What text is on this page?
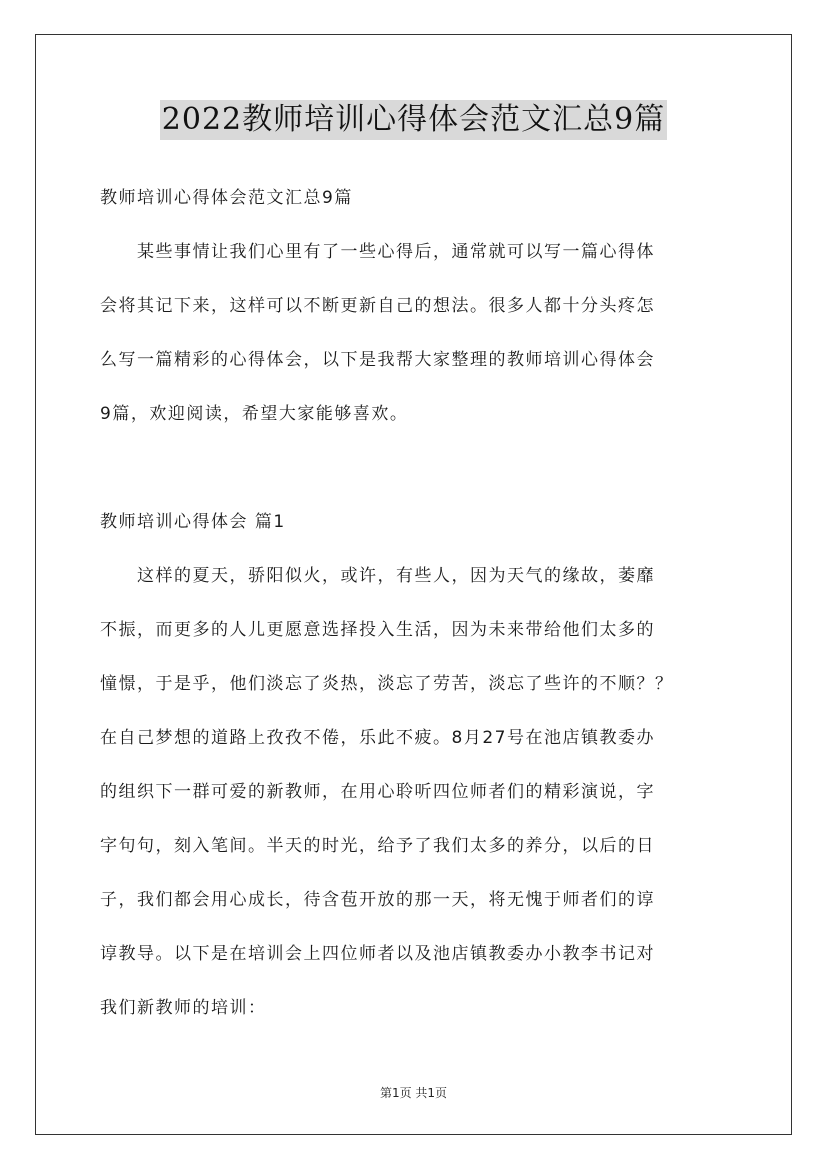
2022教师培训心得体会范文汇总9篇
教师培训心得体会范文汇总9篇
　　某些事情让我们心里有了一些心得后，通常就可以写一篇心得体
会将其记下来，这样可以不断更新自己的想法。很多人都十分头疼怎
么写一篇精彩的心得体会，以下是我帮大家整理的教师培训心得体会
9篇，欢迎阅读，希望大家能够喜欢。
教师培训心得体会 篇1
　　这样的夏天，骄阳似火，或许，有些人，因为天气的缘故，萎靡
不振，而更多的人儿更愿意选择投入生活，因为未来带给他们太多的
憧憬，于是乎，他们淡忘了炎热，淡忘了劳苦，淡忘了些许的不顺？？
在自己梦想的道路上孜孜不倦，乐此不疲。8月27号在池店镇教委办
的组织下一群可爱的新教师，在用心聆听四位师者们的精彩演说，字
字句句，刻入笔间。半天的时光，给予了我们太多的养分，以后的日
子，我们都会用心成长，待含苞开放的那一天，将无愧于师者们的谆
谆教导。以下是在培训会上四位师者以及池店镇教委办小教李书记对
我们新教师的培训：
第1页 共1页
